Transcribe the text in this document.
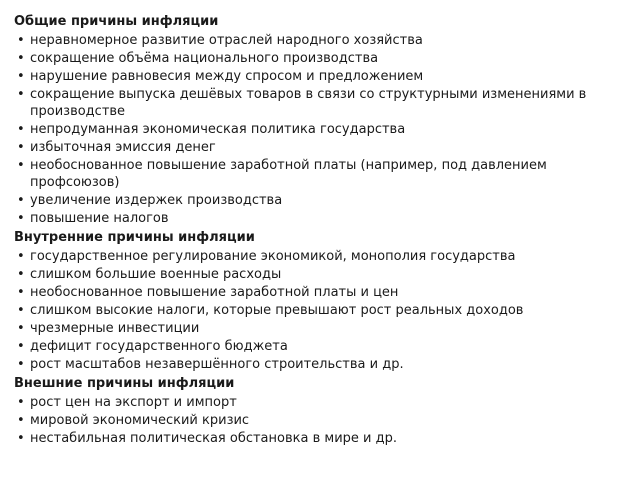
Общие причины инфляции
• неравномерное развитие отраслей народного хозяйства
• сокращение объёма национального производства
• нарушение равновесия между спросом и предложением
• сокращение выпуска дешёвых товаров в связи со структурными изменениями в производстве
• непродуманная экономическая политика государства
• избыточная эмиссия денег
• необоснованное повышение заработной платы (например, под давлением профсоюзов)
• увеличение издержек производства
• повышение налогов
Внутренние причины инфляции
• государственное регулирование экономикой, монополия государства
• слишком большие военные расходы
• необоснованное повышение заработной платы и цен
• слишком высокие налоги, которые превышают рост реальных доходов
• чрезмерные инвестиции
• дефицит государственного бюджета
• рост масштабов незавершённого строительства и др.
Внешние причины инфляции
• рост цен на экспорт и импорт
• мировой экономический кризис
• нестабильная политическая обстановка в мире и др.
